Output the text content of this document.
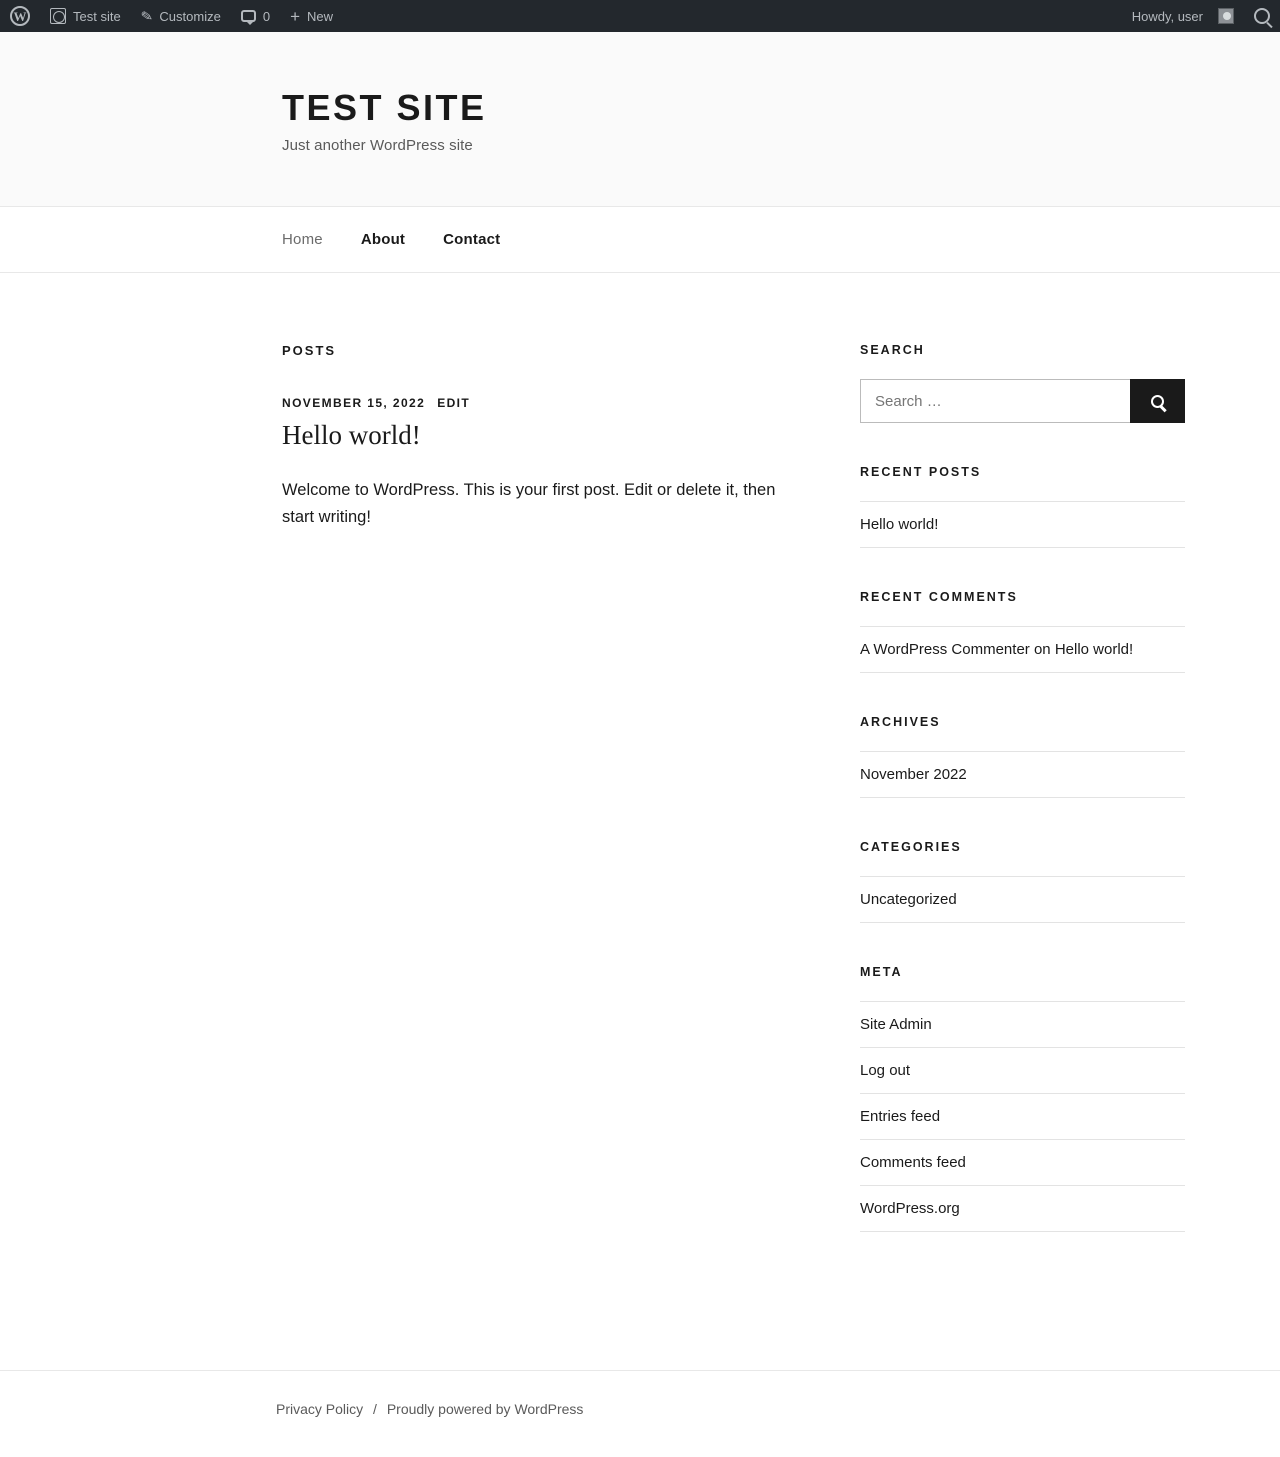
W	Test site ✎ Customize	0 + New	Howdy, user
TEST SITE

Just another WordPress site

Home	About	Contact
POSTS
NOVEMBER 15, 2022 EDIT
Hello world!

Welcome to WordPress. This is your first post. Edit or delete it, then start writing!

SEARCH
Search …
RECENT POSTS
Hello world!
RECENT COMMENTS
A WordPress Commenter on Hello world!
ARCHIVES
November 2022
CATEGORIES
Uncategorized
META
Site Admin
Log out
Entries feed
Comments feed
WordPress.org
Privacy Policy / Proudly powered by WordPress
